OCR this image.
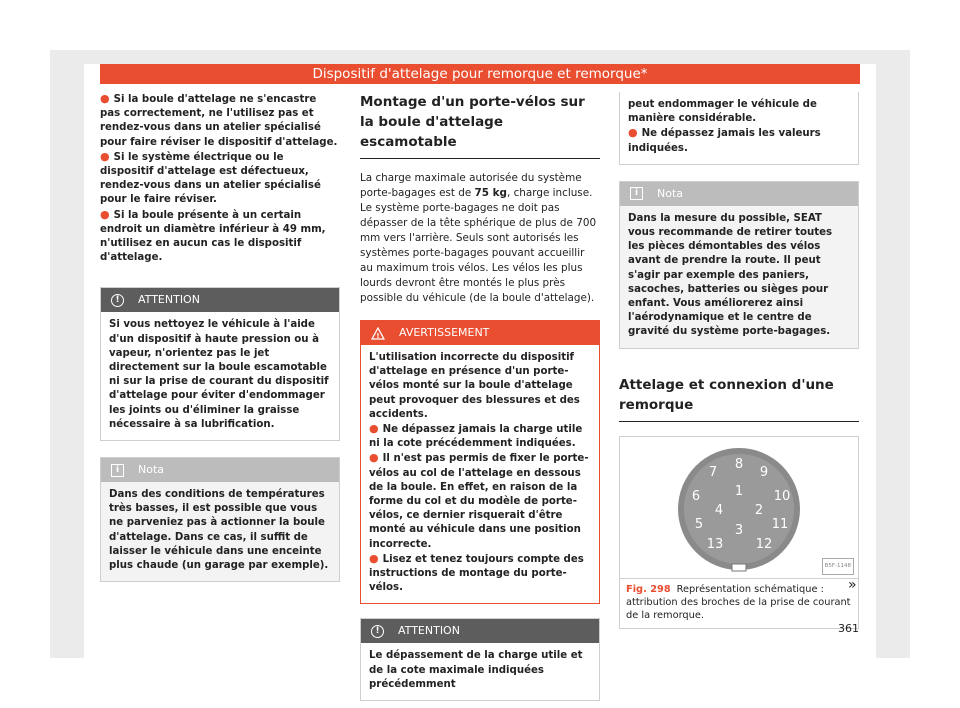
Dispositif d'attelage pour remorque et remorque*

● Si la boule d'attelage ne s'encastre pas correctement, ne l'utilisez pas et rendez-vous dans un atelier spécialisé pour faire réviser le dispositif d'attelage.

● Si le système électrique ou le dispositif d'attelage est défectueux, rendez-vous dans un atelier spécialisé pour le faire réviser.

● Si la boule présente à un certain endroit un diamètre inférieur à 49 mm, n'utilisez en aucun cas le dispositif d'attelage.

!	ATTENTION
Si vous nettoyez le véhicule à l'aide d'un dispositif à haute pression ou à vapeur, n'orientez pas le jet directement sur la boule escamotable ni sur la prise de courant du dispositif d'attelage pour éviter d'endommager les joints ou d'éliminer la graisse nécessaire à sa lubrification.
i	Nota
Dans des conditions de températures très basses, il est possible que vous ne parveniez pas à actionner la boule d'attelage. Dans ce cas, il suffit de laisser le véhicule dans une enceinte plus chaude (un garage par exemple).
Montage d'un porte-vélos sur la boule d'attelage escamotable

La charge maximale autorisée du système porte-bagages est de 75 kg, charge incluse. Le système porte-bagages ne doit pas dépasser de la tête sphérique de plus de 700 mm vers l'arrière. Seuls sont autorisés les systèmes porte-bagages pouvant accueillir au maximum trois vélos. Les vélos les plus lourds devront être montés le plus près possible du véhicule (de la boule d'attelage).

! AVERTISSEMENT

L'utilisation incorrecte du dispositif d'attelage en présence d'un porte-vélos monté sur la boule d'attelage peut provoquer des blessures et des accidents.

● Ne dépassez jamais la charge utile ni la cote précédemment indiquées.

● Il n'est pas permis de fixer le porte-vélos au col de l'attelage en dessous de la boule. En effet, en raison de la forme du col et du modèle de porte-vélos, ce dernier risquerait d'être monté au véhicule dans une position incorrecte.

● Lisez et tenez toujours compte des instructions de montage du porte-vélos.

!	ATTENTION
Le dépassement de la charge utile et de la cote maximale indiquées précédemment

peut endommager le véhicule de manière considérable.

● Ne dépassez jamais les valeurs indiquées.

i	Nota
Dans la mesure du possible, SEAT vous recommande de retirer toutes les pièces démontables des vélos avant de prendre la route. Il peut s'agir par exemple des paniers, sacoches, batteries ou sièges pour enfant. Vous améliorerez ainsi l'aérodynamique et le centre de gravité du système porte-bagages.
Attelage et connexion d'une remorque
1
2
3
4
5
6
7
8
9
10
11
12
13
B5F-1148
Fig. 298 Représentation schématique : attribution des broches de la prise de courant de la remorque.
»
361
